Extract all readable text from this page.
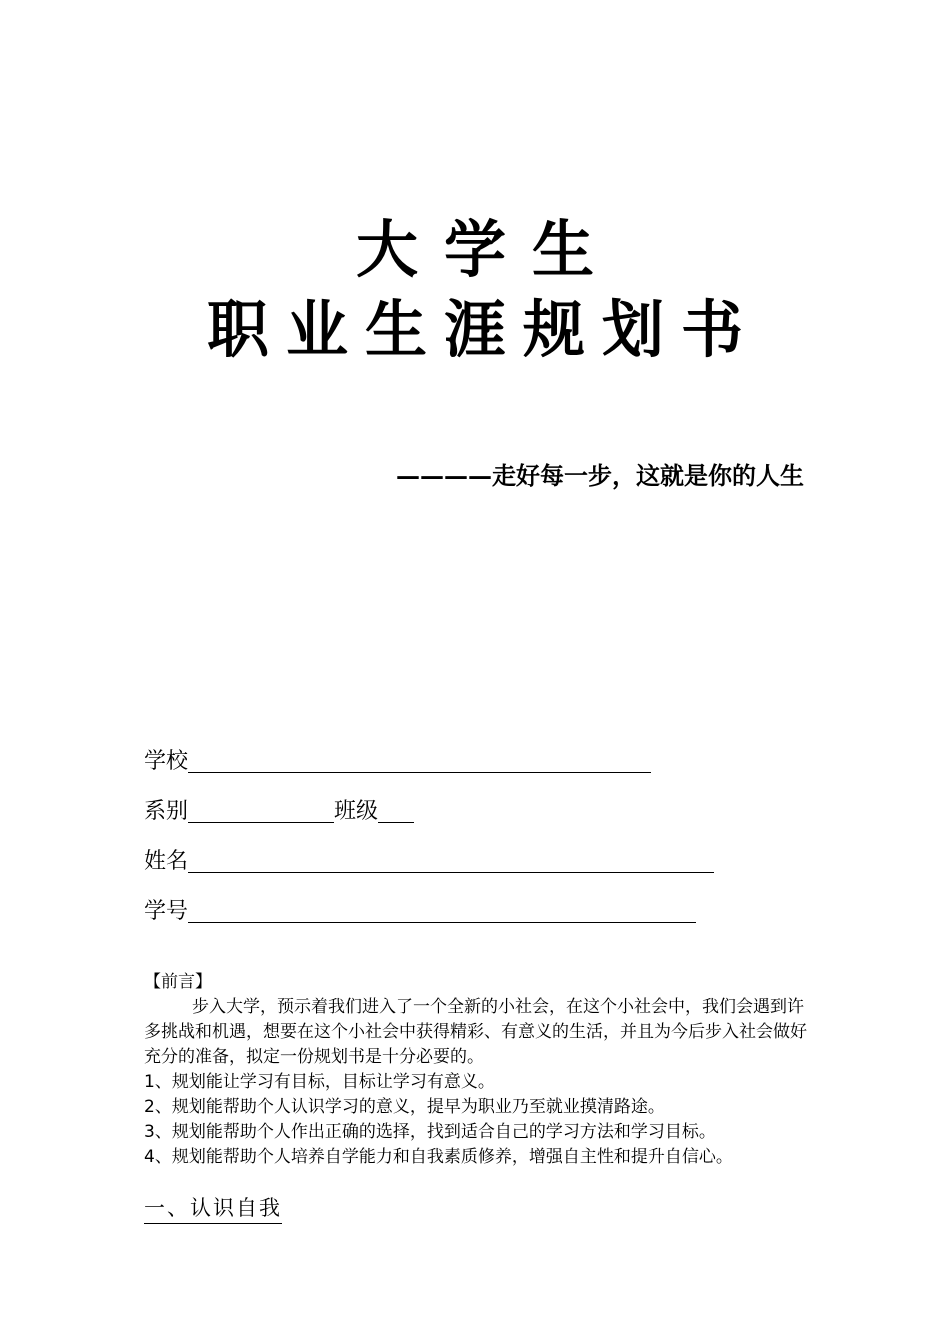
大学生
职业生涯规划书
————走好每一步，这就是你的人生
学校
系别	班级
姓名
学号

【前言】

步入大学，预示着我们进入了一个全新的小社会，在这个小社会中，我们会遇到许多挑战和机遇，想要在这个小社会中获得精彩、有意义的生活，并且为今后步入社会做好充分的准备，拟定一份规划书是十分必要的。

1、规划能让学习有目标，目标让学习有意义。

2、规划能帮助个人认识学习的意义，提早为职业乃至就业摸清路途。

3、规划能帮助个人作出正确的选择，找到适合自己的学习方法和学习目标。

4、规划能帮助个人培养自学能力和自我素质修养，增强自主性和提升自信心。

一、认识自我
